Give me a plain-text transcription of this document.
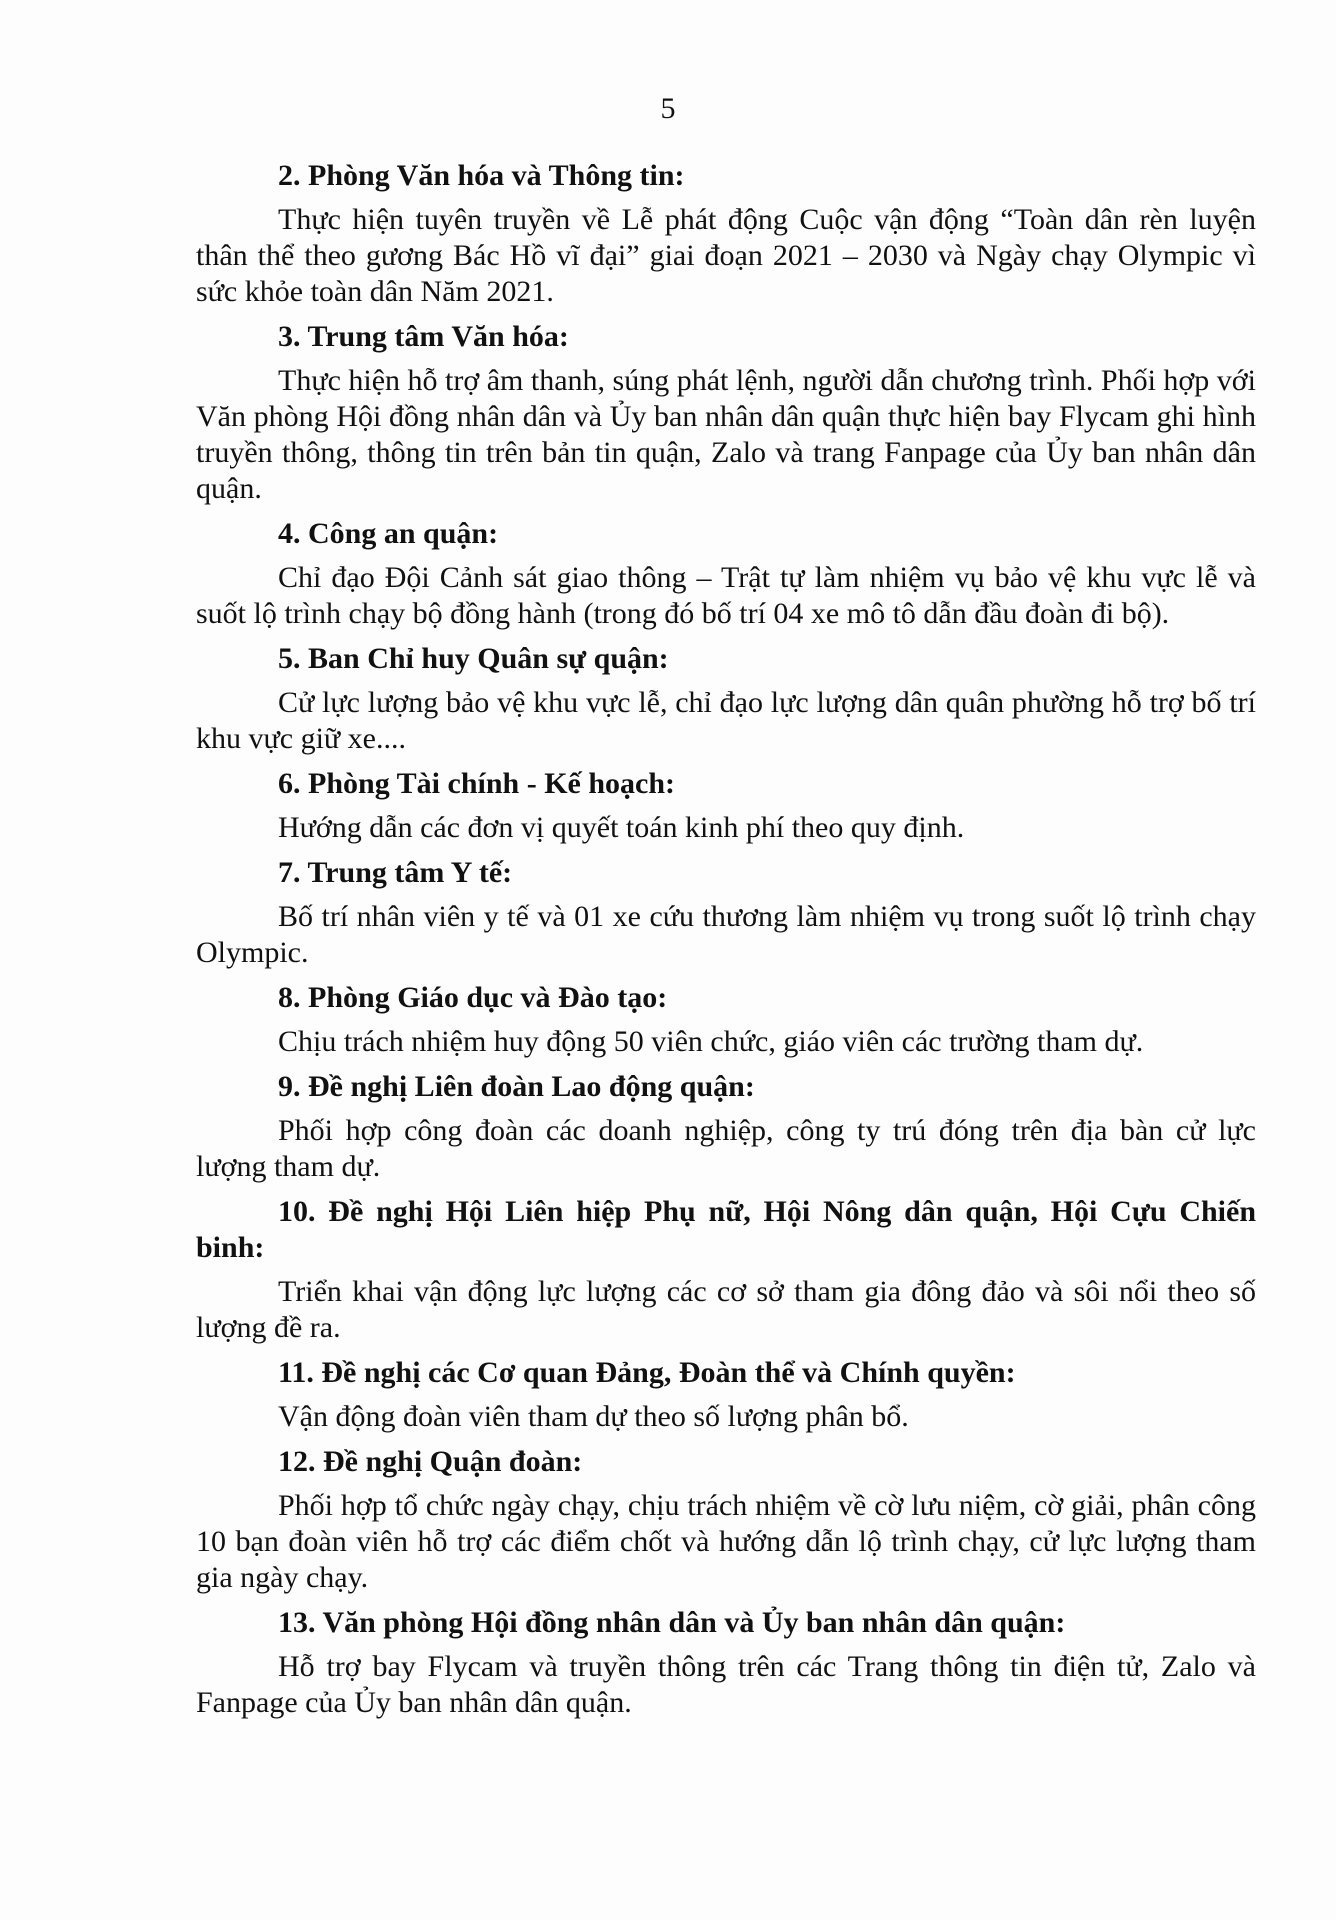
5

2. Phòng Văn hóa và Thông tin:

Thực hiện tuyên truyền về Lễ phát động Cuộc vận động “Toàn dân rèn luyện thân thể theo gương Bác Hồ vĩ đại” giai đoạn 2021 – 2030 và Ngày chạy Olympic vì sức khỏe toàn dân Năm 2021.

3. Trung tâm Văn hóa:

Thực hiện hỗ trợ âm thanh, súng phát lệnh, người dẫn chương trình. Phối hợp với Văn phòng Hội đồng nhân dân và Ủy ban nhân dân quận thực hiện bay Flycam ghi hình truyền thông, thông tin trên bản tin quận, Zalo và trang Fanpage của Ủy ban nhân dân quận.

4. Công an quận:

Chỉ đạo Đội Cảnh sát giao thông – Trật tự làm nhiệm vụ bảo vệ khu vực lễ và suốt lộ trình chạy bộ đồng hành (trong đó bố trí 04 xe mô tô dẫn đầu đoàn đi bộ).

5. Ban Chỉ huy Quân sự quận:

Cử lực lượng bảo vệ khu vực lễ, chỉ đạo lực lượng dân quân phường hỗ trợ bố trí khu vực giữ xe....

6. Phòng Tài chính - Kế hoạch:

Hướng dẫn các đơn vị quyết toán kinh phí theo quy định.

7. Trung tâm Y tế:

Bố trí nhân viên y tế và 01 xe cứu thương làm nhiệm vụ trong suốt lộ trình chạy Olympic.

8. Phòng Giáo dục và Đào tạo:

Chịu trách nhiệm huy động 50 viên chức, giáo viên các trường tham dự.

9. Đề nghị Liên đoàn Lao động quận:

Phối hợp công đoàn các doanh nghiệp, công ty trú đóng trên địa bàn cử lực lượng tham dự.

10. Đề nghị Hội Liên hiệp Phụ nữ, Hội Nông dân quận, Hội Cựu Chiến binh:

Triển khai vận động lực lượng các cơ sở tham gia đông đảo và sôi nổi theo số lượng đề ra.

11. Đề nghị các Cơ quan Đảng, Đoàn thể và Chính quyền:

Vận động đoàn viên tham dự theo số lượng phân bổ.

12. Đề nghị Quận đoàn:

Phối hợp tổ chức ngày chạy, chịu trách nhiệm về cờ lưu niệm, cờ giải, phân công 10 bạn đoàn viên hỗ trợ các điểm chốt và hướng dẫn lộ trình chạy, cử lực lượng tham gia ngày chạy.

13. Văn phòng Hội đồng nhân dân và Ủy ban nhân dân quận:

Hỗ trợ bay Flycam và truyền thông trên các Trang thông tin điện tử, Zalo và Fanpage của Ủy ban nhân dân quận.
